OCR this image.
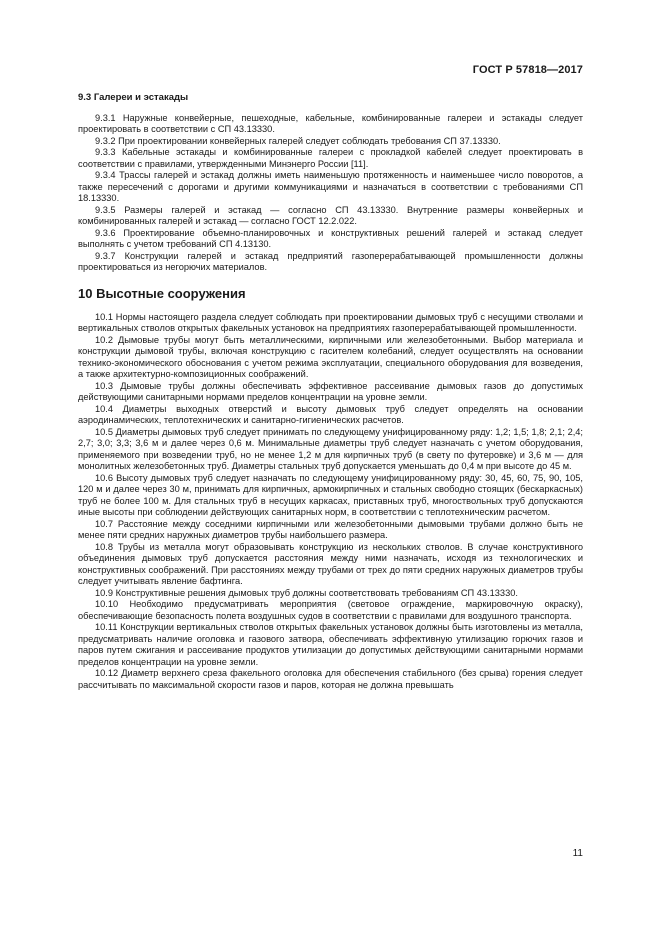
ГОСТ Р 57818—2017
9.3 Галереи и эстакады

9.3.1 Наружные конвейерные, пешеходные, кабельные, комбинированные галереи и эстакады следует проектировать в соответствии с СП 43.13330.

9.3.2 При проектировании конвейерных галерей следует соблюдать требования СП 37.13330.

9.3.3 Кабельные эстакады и комбинированные галереи с прокладкой кабелей следует проектировать в соответствии с правилами, утвержденными Минэнерго России [11].

9.3.4 Трассы галерей и эстакад должны иметь наименьшую протяженность и наименьшее число поворотов, а также пересечений с дорогами и другими коммуникациями и назначаться в соответствии с требованиями СП 18.13330.

9.3.5 Размеры галерей и эстакад — согласно СП 43.13330. Внутренние размеры конвейерных и комбинированных галерей и эстакад — согласно ГОСТ 12.2.022.

9.3.6 Проектирование объемно-планировочных и конструктивных решений галерей и эстакад следует выполнять с учетом требований СП 4.13130.

9.3.7 Конструкции галерей и эстакад предприятий газоперерабатывающей промышленности должны проектироваться из негорючих материалов.

10 Высотные сооружения

10.1 Нормы настоящего раздела следует соблюдать при проектировании дымовых труб с несущими стволами и вертикальных стволов открытых факельных установок на предприятиях газоперерабатывающей промышленности.

10.2 Дымовые трубы могут быть металлическими, кирпичными или железобетонными. Выбор материала и конструкции дымовой трубы, включая конструкцию с гасителем колебаний, следует осуществлять на основании технико-экономического обоснования с учетом режима эксплуатации, специального оборудования для возведения, а также архитектурно-композиционных соображений.

10.3 Дымовые трубы должны обеспечивать эффективное рассеивание дымовых газов до допустимых действующими санитарными нормами пределов концентрации на уровне земли.

10.4 Диаметры выходных отверстий и высоту дымовых труб следует определять на основании аэродинамических, теплотехнических и санитарно-гигиенических расчетов.

10.5 Диаметры дымовых труб следует принимать по следующему унифицированному ряду: 1,2; 1,5; 1,8; 2,1; 2,4; 2,7; 3,0; 3,3; 3,6 м и далее через 0,6 м. Минимальные диаметры труб следует назначать с учетом оборудования, применяемого при возведении труб, но не менее 1,2 м для кирпичных труб (в свету по футеровке) и 3,6 м — для монолитных железобетонных труб. Диаметры стальных труб допускается уменьшать до 0,4 м при высоте до 45 м.

10.6 Высоту дымовых труб следует назначать по следующему унифицированному ряду: 30, 45, 60, 75, 90, 105, 120 м и далее через 30 м, принимать для кирпичных, армокирпичных и стальных свободно стоящих (бескаркасных) труб не более 100 м. Для стальных труб в несущих каркасах, приставных труб, многоствольных труб допускаются иные высоты при соблюдении действующих санитарных норм, в соответствии с теплотехническим расчетом.

10.7 Расстояние между соседними кирпичными или железобетонными дымовыми трубами должно быть не менее пяти средних наружных диаметров трубы наибольшего размера.

10.8 Трубы из металла могут образовывать конструкцию из нескольких стволов. В случае конструктивного объединения дымовых труб допускается расстояния между ними назначать, исходя из технологических и конструктивных соображений. При расстояниях между трубами от трех до пяти средних наружных диаметров трубы следует учитывать явление бафтинга.

10.9 Конструктивные решения дымовых труб должны соответствовать требованиям СП 43.13330.

10.10 Необходимо предусматривать мероприятия (световое ограждение, маркировочную окраску), обеспечивающие безопасность полета воздушных судов в соответствии с правилами для воздушного транспорта.

10.11 Конструкции вертикальных стволов открытых факельных установок должны быть изготовлены из металла, предусматривать наличие оголовка и газового затвора, обеспечивать эффективную утилизацию горючих газов и паров путем сжигания и рассеивание продуктов утилизации до допустимых действующими санитарными нормами пределов концентрации на уровне земли.

10.12 Диаметр верхнего среза факельного оголовка для обеспечения стабильного (без срыва) горения следует рассчитывать по максимальной скорости газов и паров, которая не должна превышать

11
